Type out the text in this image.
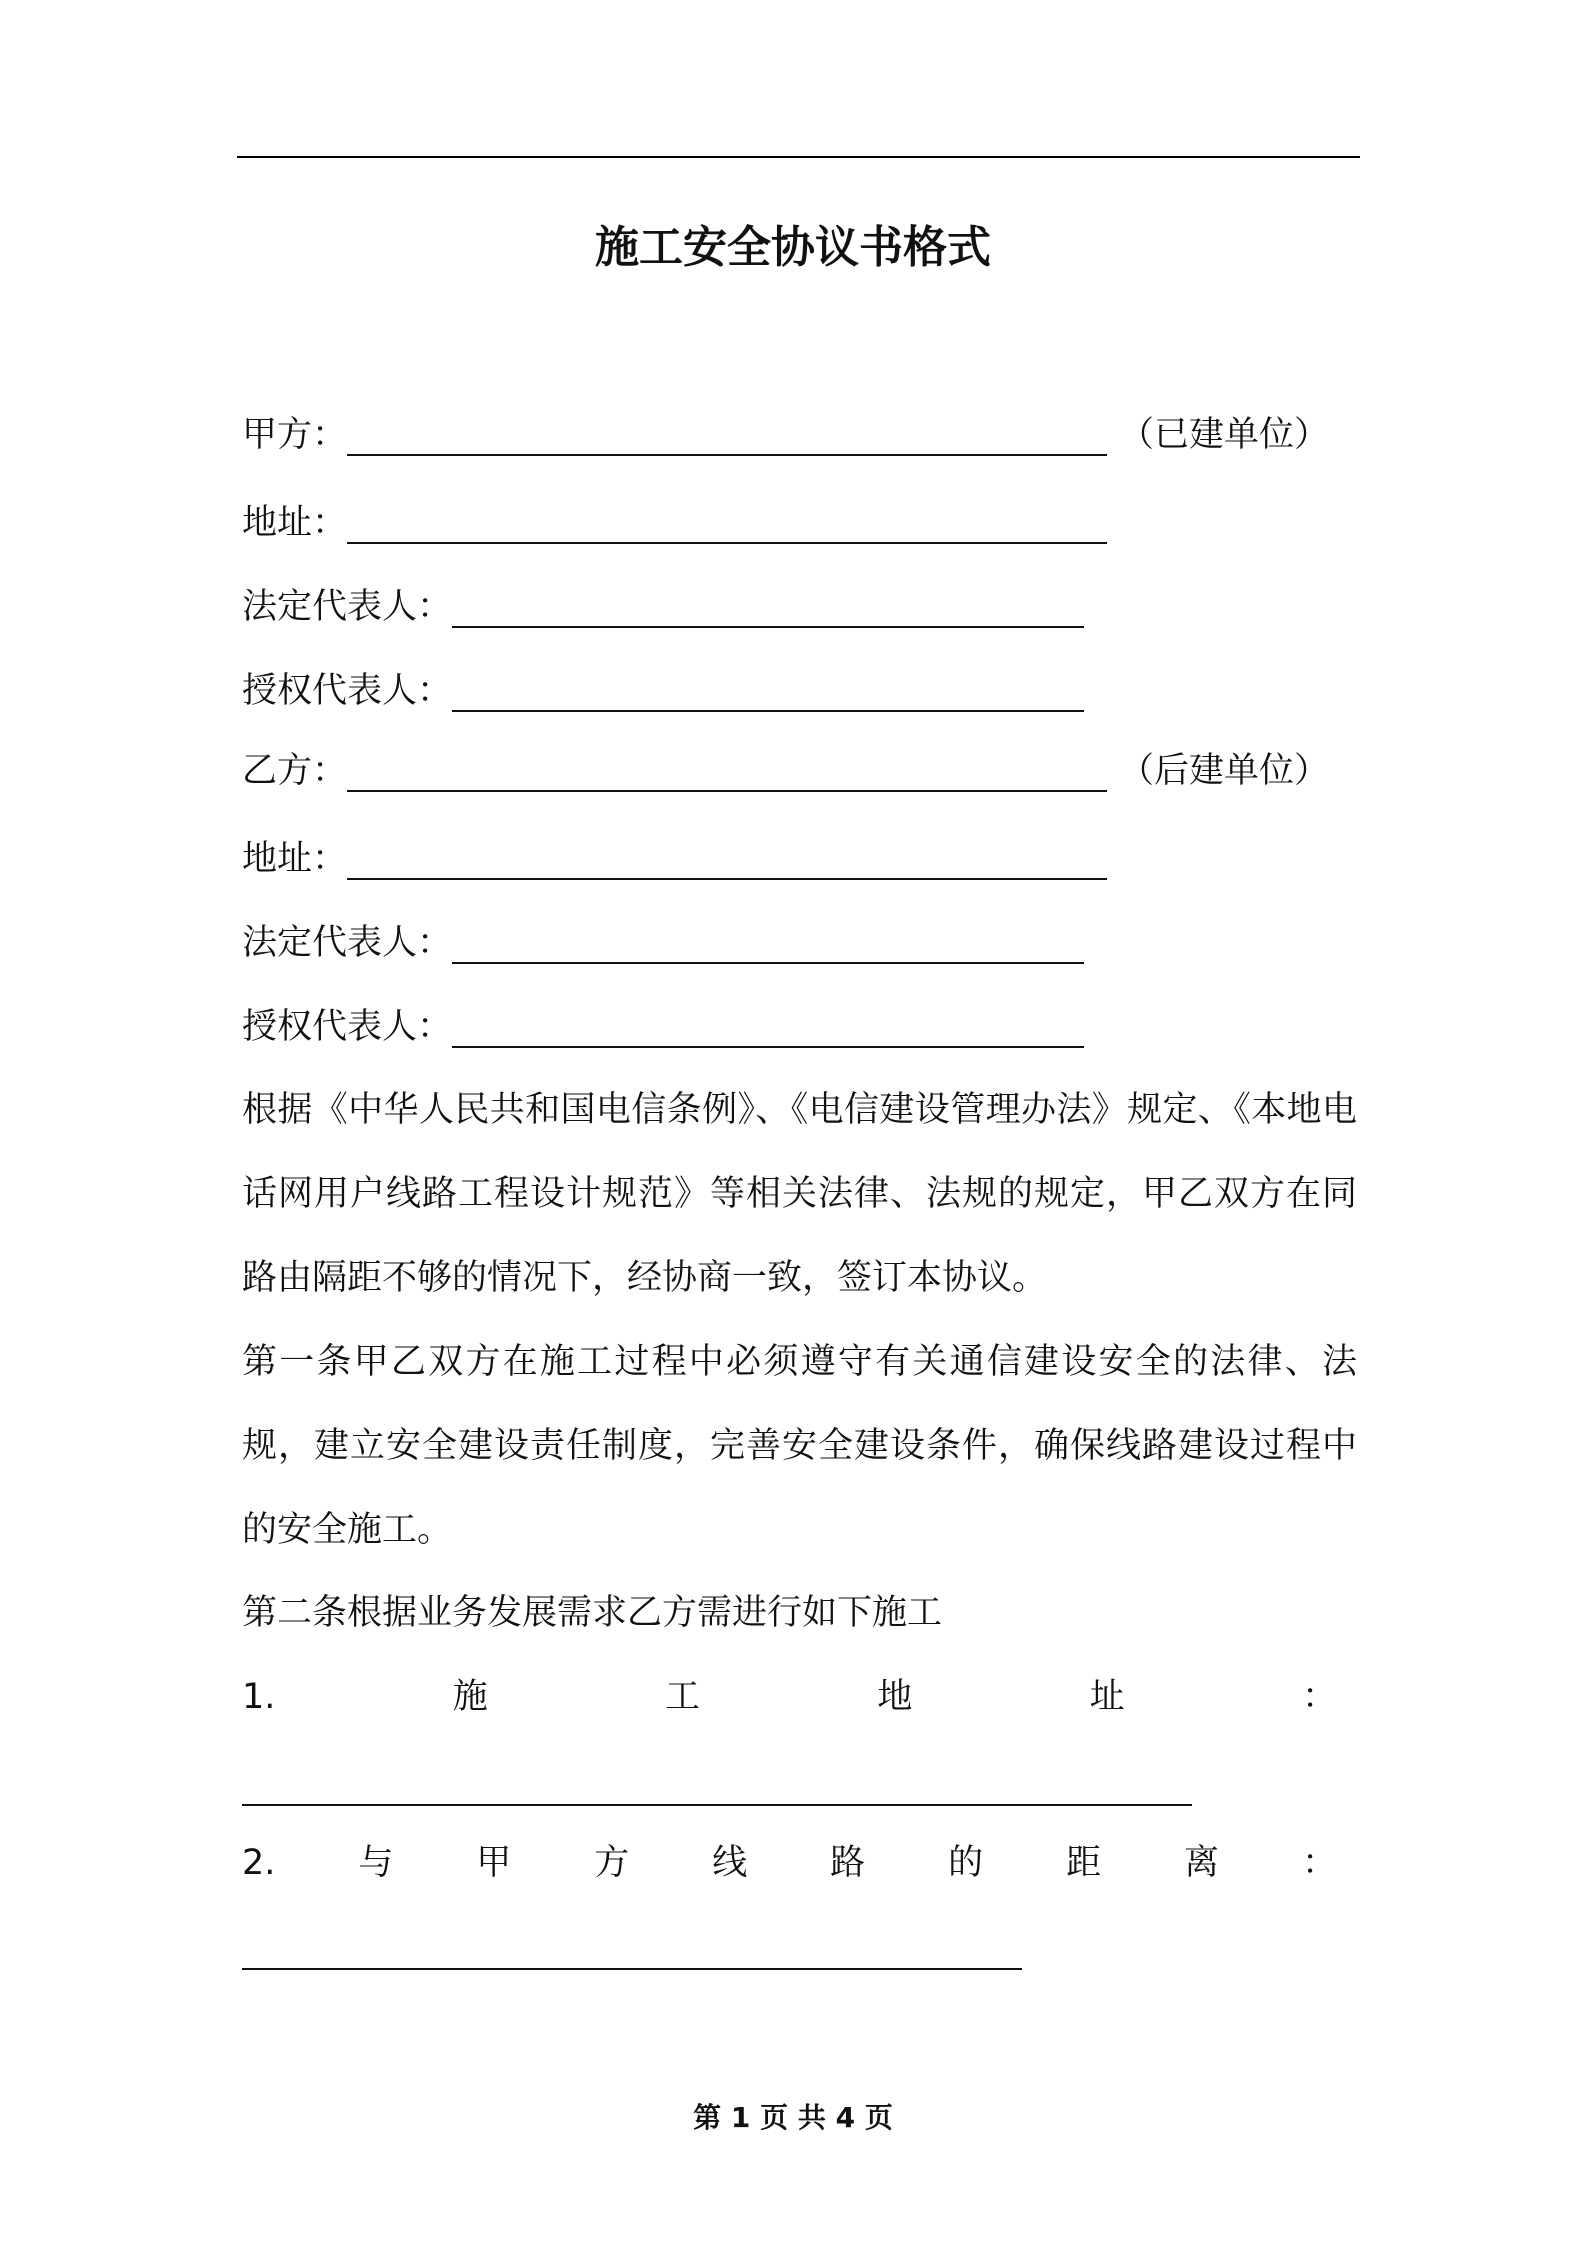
施工安全协议书格式
甲方：	（已建单位）
地址：
法定代表人：
授权代表人：
乙方：	（后建单位）
地址：
法定代表人：
授权代表人：
根据《中华人民共和国电信条例》、《电信建设管理办法》规定、《本地电话网用户线路工程设计规范》等相关法律、法规的规定，甲乙双方在同路由隔距不够的情况下，经协商一致，签订本协议。
第一条甲乙双方在施工过程中必须遵守有关通信建设安全的法律、法规，建立安全建设责任制度，完善安全建设条件，确保线路建设过程中的安全施工。
第二条根据业务发展需求乙方需进行如下施工
1.	施	工	地	址	：
2. 与 甲 方 线 路 的 距 离 ：
第 1 页 共 4 页
